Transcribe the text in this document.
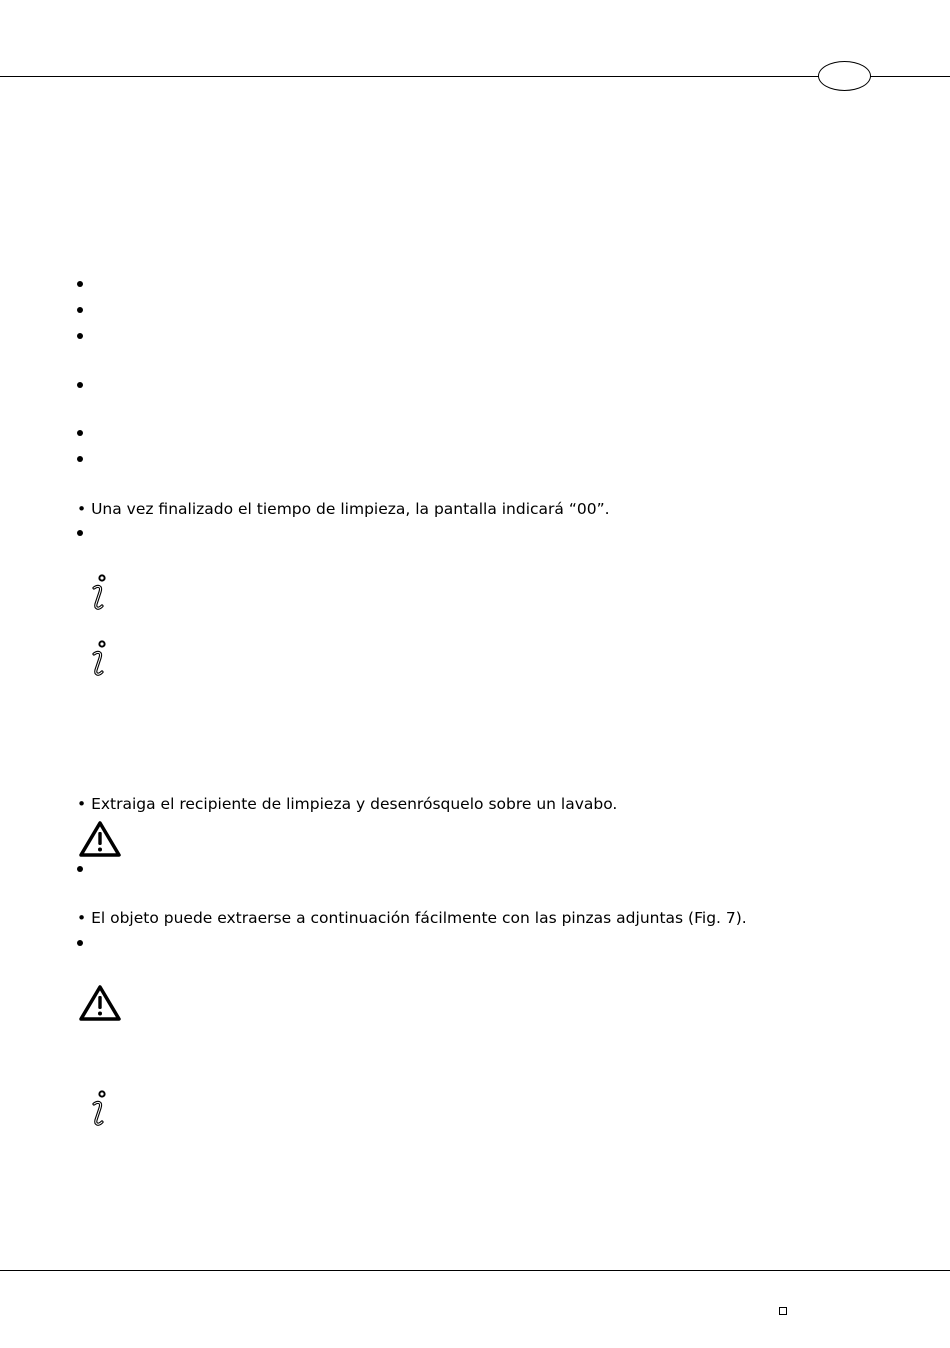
• Una vez finalizado el tiempo de limpieza, la pantalla indicará “00”.
• Extraiga el recipiente de limpieza y desenrósquelo sobre un lavabo.
• El objeto puede extraerse a continuación fácilmente con las pinzas adjuntas (Fig. 7).
